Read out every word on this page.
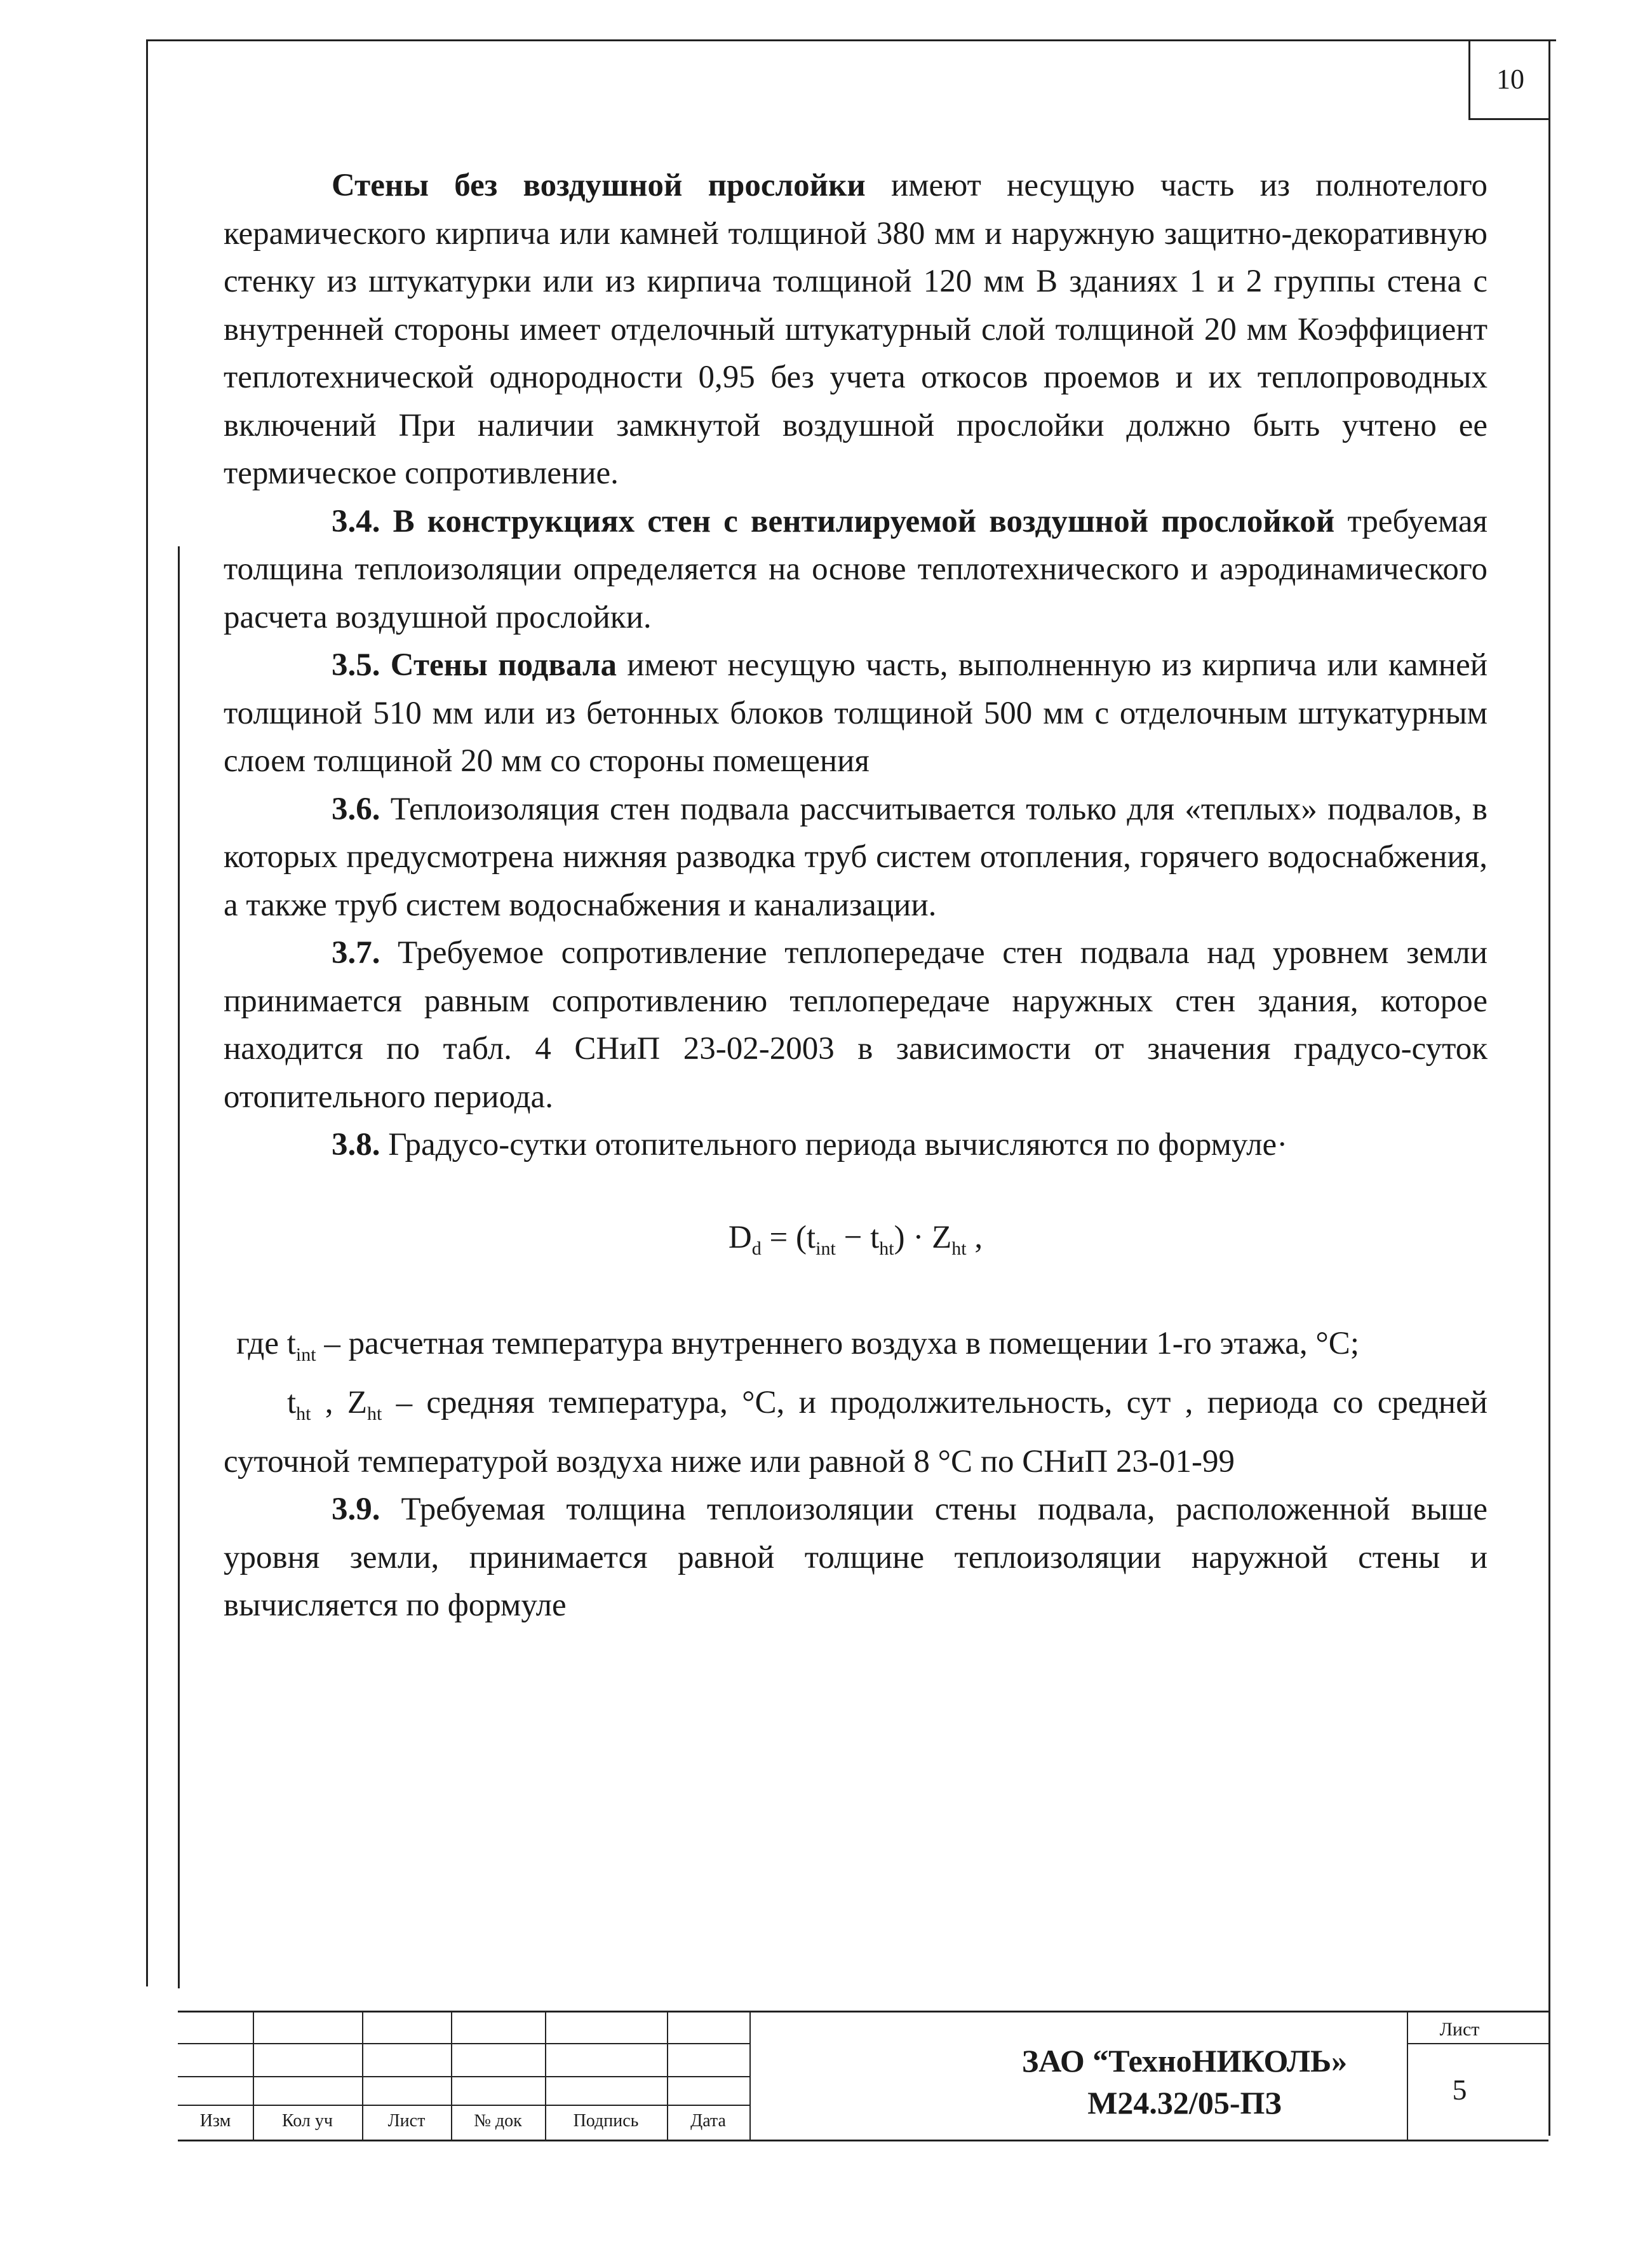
10

Стены без воздушной прослойки имеют несущую часть из полнотелого керамического кирпича или камней толщиной 380 мм и наружную защитно-декоративную стенку из штукатурки или из кирпича толщиной 120 мм В зданиях 1 и 2 группы стена с внутренней стороны имеет отделочный штукатурный слой толщиной 20 мм Коэффициент теплотехнической однородности 0,95 без учета откосов проемов и их теплопроводных включений При наличии замкнутой воздушной прослойки должно быть учтено ее термическое сопротивление.

3.4. В конструкциях стен с вентилируемой воздушной прослойкой требуемая толщина теплоизоляции определяется на основе теплотехнического и аэродинамического расчета воздушной прослойки.

3.5. Стены подвала имеют несущую часть, выполненную из кирпича или камней толщиной 510 мм или из бетонных блоков толщиной 500 мм с отделочным штукатурным слоем толщиной 20 мм со стороны помещения

3.6. Теплоизоляция стен подвала рассчитывается только для «теплых» подвалов, в которых предусмотрена нижняя разводка труб систем отопления, горячего водоснабжения, а также труб систем водоснабжения и канализации.

3.7. Требуемое сопротивление теплопередаче стен подвала над уровнем земли принимается равным сопротивлению теплопередаче наружных стен здания, которое находится по табл. 4 СНиП 23-02-2003 в зависимости от значения градусо-суток отопительного периода.

3.8. Градусо-сутки отопительного периода вычисляются по формуле·

$D_d = (t_{int} - t_{ht}) \cdot Z_{ht}$ ,

где $t_{int}$ – расчетная температура внутреннего воздуха в помещении 1-го этажа, °С;

$t_{ht}$ , $Z_{ht}$ – средняя температура, °С, и продолжительность, сут , периода со средней суточной температурой воздуха ниже или равной 8 °С по СНиП 23-01-99

3.9. Требуемая толщина теплоизоляции стены подвала, расположенной выше уровня земли, принимается равной толщине теплоизоляции наружной стены и вычисляется по формуле

Изм	Кол уч	Лист	№ док	Подпись	Дата
ЗАО “ТехноНИКОЛЬ»
М24.32/05-ПЗ
Лист
5
